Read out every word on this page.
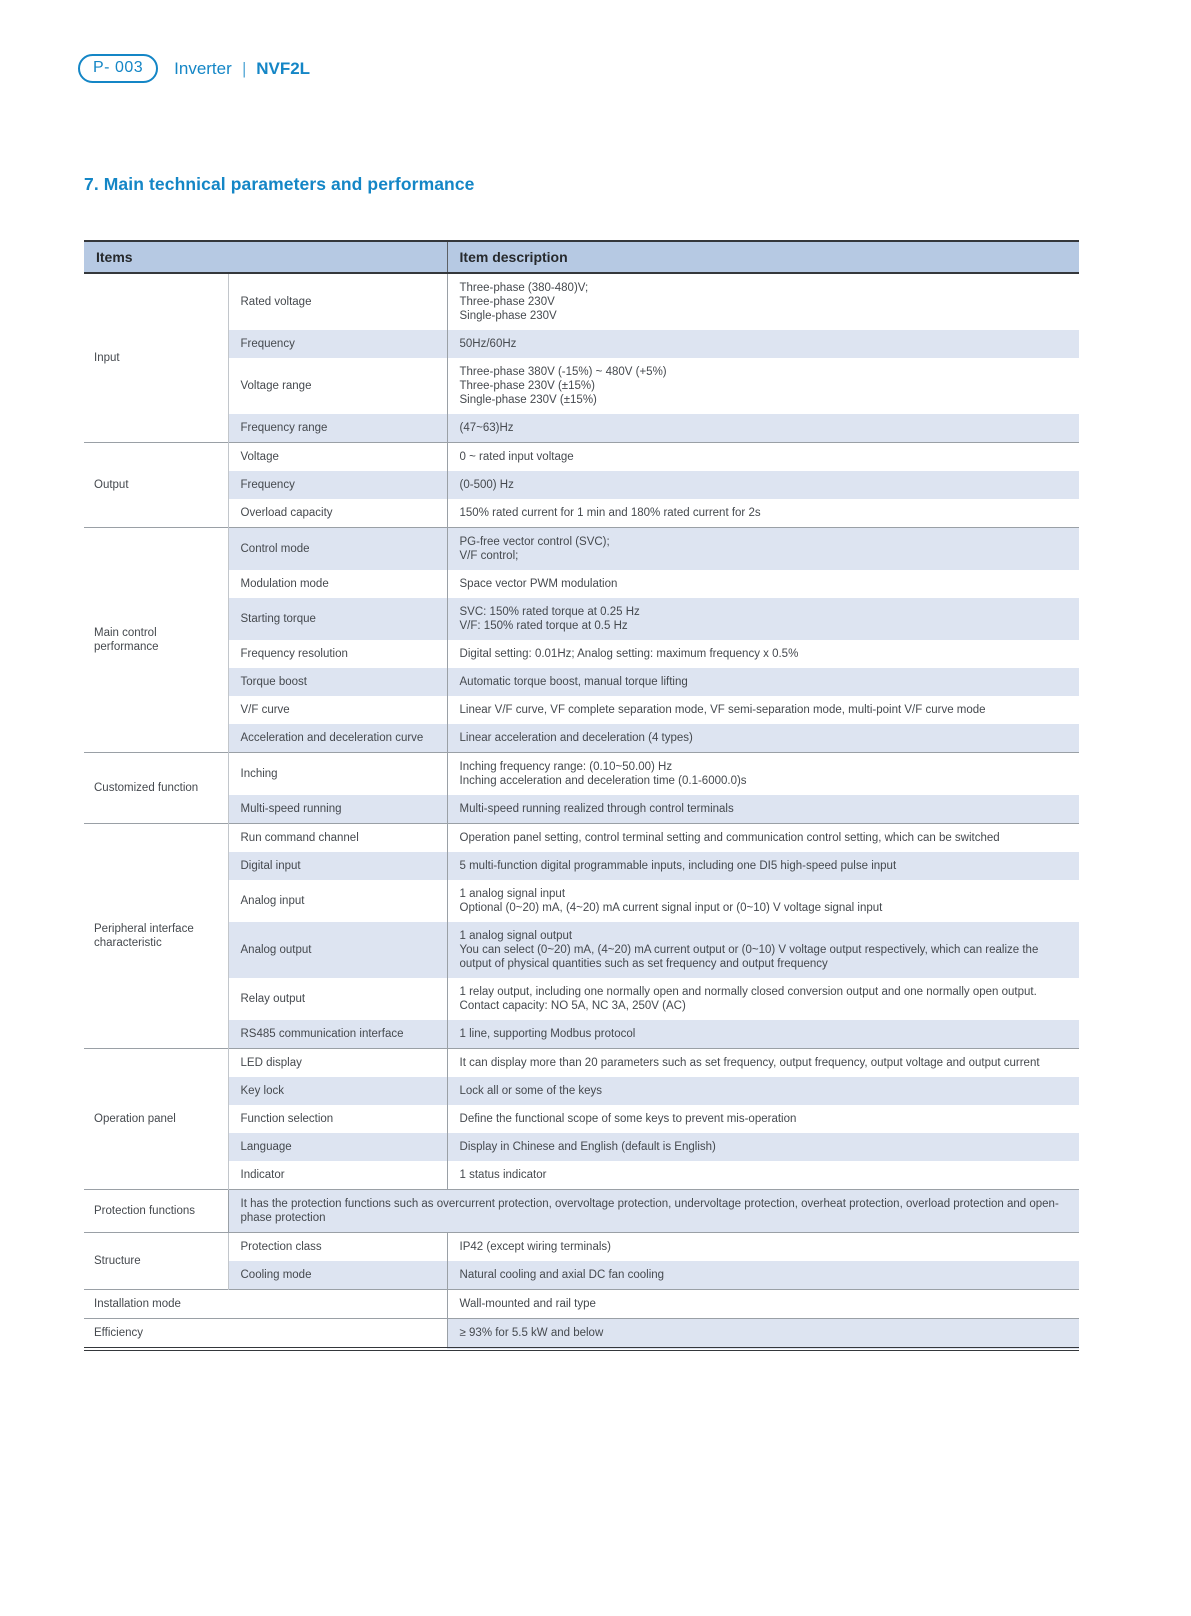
P- 003	Inverter | NVF2L
7. Main technical parameters and performance
Items		Item description
Input	Rated voltage	Three-phase (380-480)V;
Three-phase 230V
Single-phase 230V

	Frequency	50Hz/60Hz

	Voltage range	Three-phase 380V (-15%) ~ 480V (+5%)
Three-phase 230V (±15%)
Single-phase 230V (±15%)

	Frequency range	(47~63)Hz

Output	Voltage	0 ~ rated input voltage

	Frequency	(0-500) Hz

	Overload capacity	150% rated current for 1 min and 180% rated current for 2s

Main control performance	Control mode	PG-free vector control (SVC);
V/F control;

	Modulation mode	Space vector PWM modulation

	Starting torque	SVC: 150% rated torque at 0.25 Hz
V/F: 150% rated torque at 0.5 Hz

	Frequency resolution	Digital setting: 0.01Hz; Analog setting: maximum frequency x 0.5%

	Torque boost	Automatic torque boost, manual torque lifting

	V/F curve	Linear V/F curve, VF complete separation mode, VF semi-separation mode, multi-point V/F curve mode

	Acceleration and deceleration curve	Linear acceleration and deceleration (4 types)

Customized function	Inching	Inching frequency range: (0.10~50.00) Hz
Inching acceleration and deceleration time (0.1-6000.0)s

	Multi-speed running	Multi-speed running realized through control terminals

Peripheral interface characteristic	Run command channel	Operation panel setting, control terminal setting and communication control setting, which can be switched

	Digital input	5 multi-function digital programmable inputs, including one DI5 high-speed pulse input

	Analog input	1 analog signal input
Optional (0~20) mA, (4~20) mA current signal input or (0~10) V voltage signal input

	Analog output	1 analog signal output
You can select (0~20) mA, (4~20) mA current output or (0~10) V voltage output respectively, which can realize the output of physical quantities such as set frequency and output frequency

	Relay output	1 relay output, including one normally open and normally closed conversion output and one normally open output.
Contact capacity: NO 5A, NC 3A, 250V (AC)

	RS485 communication interface	1 line, supporting Modbus protocol

Operation panel	LED display	It can display more than 20 parameters such as set frequency, output frequency, output voltage and output current

	Key lock	Lock all or some of the keys

	Function selection	Define the functional scope of some keys to prevent mis-operation

	Language	Display in Chinese and English (default is English)

	Indicator	1 status indicator

Protection functions	It has the protection functions such as overcurrent protection, overvoltage protection, undervoltage protection, overheat protection, overload protection and open-phase protection	

Structure	Protection class	IP42 (except wiring terminals)

	Cooling mode	Natural cooling and axial DC fan cooling

Installation mode		Wall-mounted and rail type

Efficiency		≥ 93% for 5.5 kW and below
